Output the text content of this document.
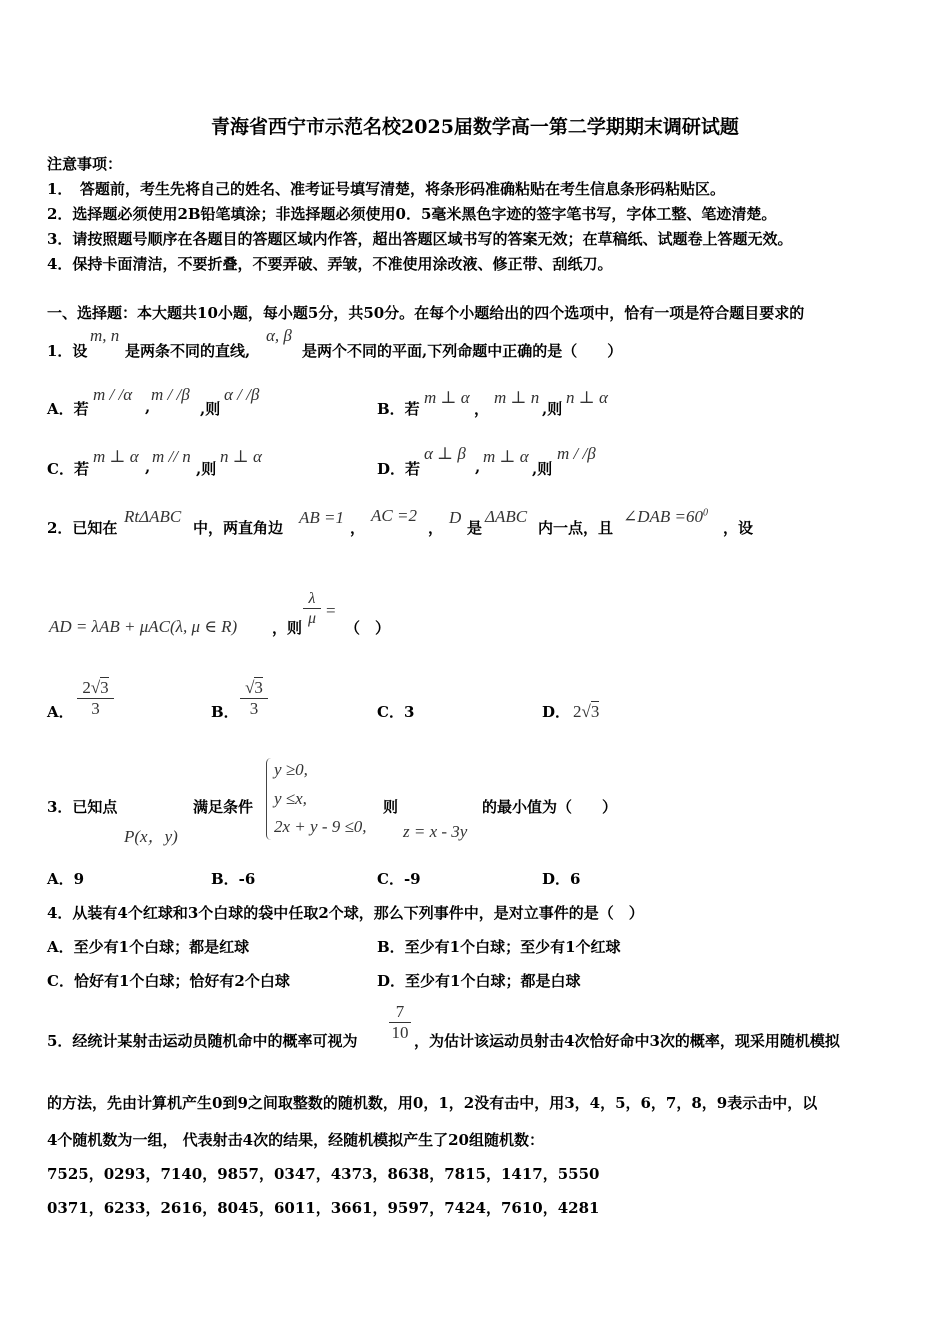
青海省西宁市示范名校2025届数学高一第二学期期末调研试题
注意事项：
1．　答题前，考生先将自己的姓名、准考证号填写清楚，将条形码准确粘贴在考生信息条形码粘贴区。
2．选择题必须使用2B铅笔填涂；非选择题必须使用0．5毫米黑色字迹的签字笔书写，字体工整、笔迹清楚。
3．请按照题号顺序在各题目的答题区域内作答，超出答题区域书写的答案无效；在草稿纸、试题卷上答题无效。
4．保持卡面清洁，不要折叠，不要弄破、弄皱，不准使用涂改液、修正带、刮纸刀。
一、选择题：本大题共10小题，每小题5分，共50分。在每个小题给出的四个选项中，恰有一项是符合题目要求的
1．设
m, n
是两条不同的直线,
α, β
是两个不同的平面,下列命题中正确的是（　　）
A．若
m / /α
,
m / /β
,则
α / /β
B．若
m ⊥ α
，
m ⊥ n
,则
n ⊥ α
C．若
m ⊥ α
,
m // n
,则
n ⊥ α
D．若
α ⊥ β
,
m ⊥ α
,则
m / /β
2．已知在
RtΔABC
中，两直角边
AB =1
，
AC =2
，
D
是
ΔABC
内一点，且
∠DAB $=60^0$
，设
AD = λAB + μAC(λ, μ ∈ R) ，则
λ
μ =
（　）
A．
2√3
3	B．
√3
3	C．3	D． 2√3
3．已知点	满足条件
y ≥0,
y ≤x,
2x + y - 9 ≤0,
则	的最小值为（　　）
P(x，y)	z = x - 3y
A．9	B．-6	C．-9	D．6
4．从装有4个红球和3个白球的袋中任取2个球，那么下列事件中，是对立事件的是（　）
A．至少有1个白球；都是红球	B．至少有1个白球；至少有1个红球
C．恰好有1个白球；恰好有2个白球	D．至少有1个白球；都是白球
5．经统计某射击运动员随机命中的概率可视为
7
10 ，为估计该运动员射击4次恰好命中3次的概率，现采用随机模拟
的方法，先由计算机产生0到9之间取整数的随机数，用0，1，2没有击中，用3，4，5，6，7，8，9表示击中，以
4个随机数为一组， 代表射击4次的结果，经随机模拟产生了20组随机数：
7525，0293，7140，9857，0347，4373，8638，7815，1417，5550
0371，6233，2616，8045，6011，3661，9597，7424，7610，4281
